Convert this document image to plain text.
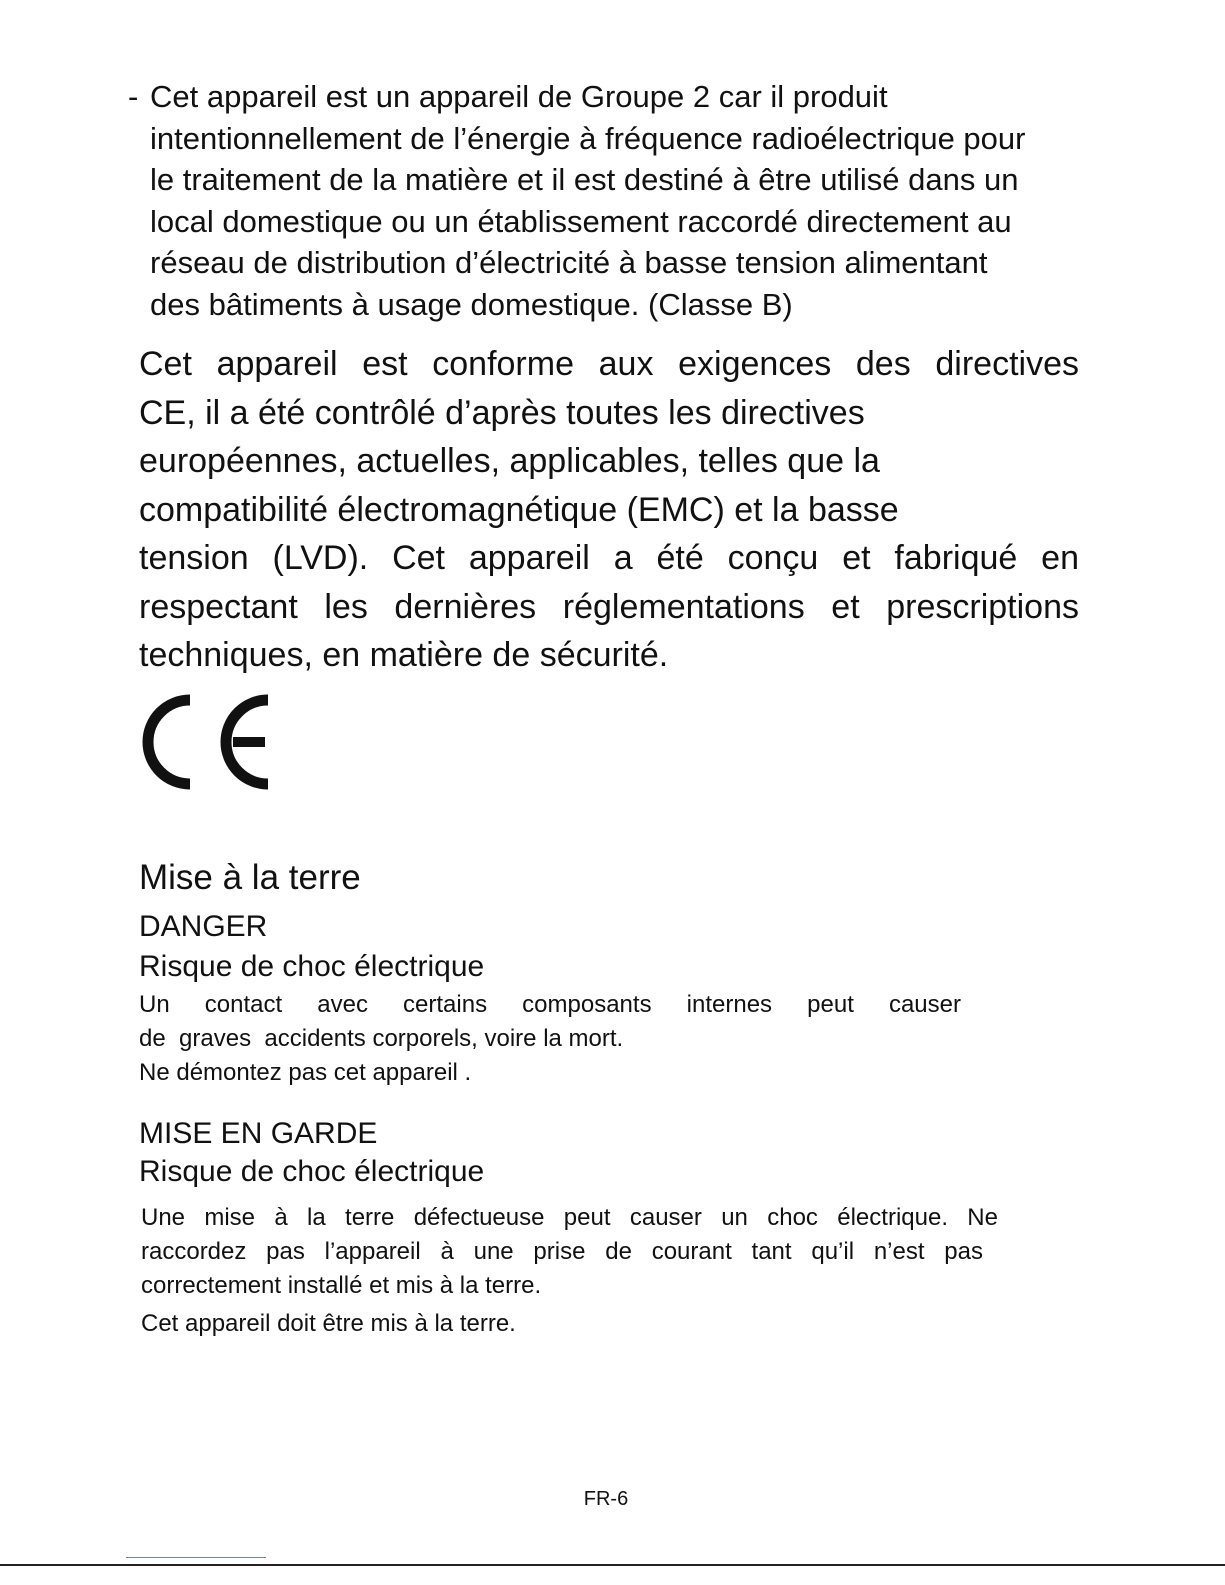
- Cet appareil est un appareil de Groupe 2 car il produit
intentionnellement de l’énergie à fréquence radioélectrique pour
le traitement de la matière et il est destiné à être utilisé dans un
local domestique ou un établissement raccordé directement au
réseau de distribution d’électricité à basse tension alimentant
des bâtiments à usage domestique. (Classe B)
Cet appareil est conforme aux exigences des directives
CE, il a été contrôlé d’après toutes les directives
européennes, actuelles, applicables, telles que la
compatibilité électromagnétique (EMC) et la basse
tension (LVD). Cet appareil a été conçu et fabriqué en
respectant les dernières réglementations et prescriptions
techniques, en matière de sécurité.
Mise à la terre
DANGER
Risque de choc électrique
Un contact avec certains composants internes peut causer
de  graves  accidents corporels, voire la mort.
Ne démontez pas cet appareil .
MISE EN GARDE
Risque de choc électrique
Une mise à la terre défectueuse peut causer un choc électrique. Ne
raccordez pas l’appareil à une prise de courant tant qu’il n’est pas
correctement installé et mis à la terre.
Cet appareil doit être mis à la terre.
FR-6
